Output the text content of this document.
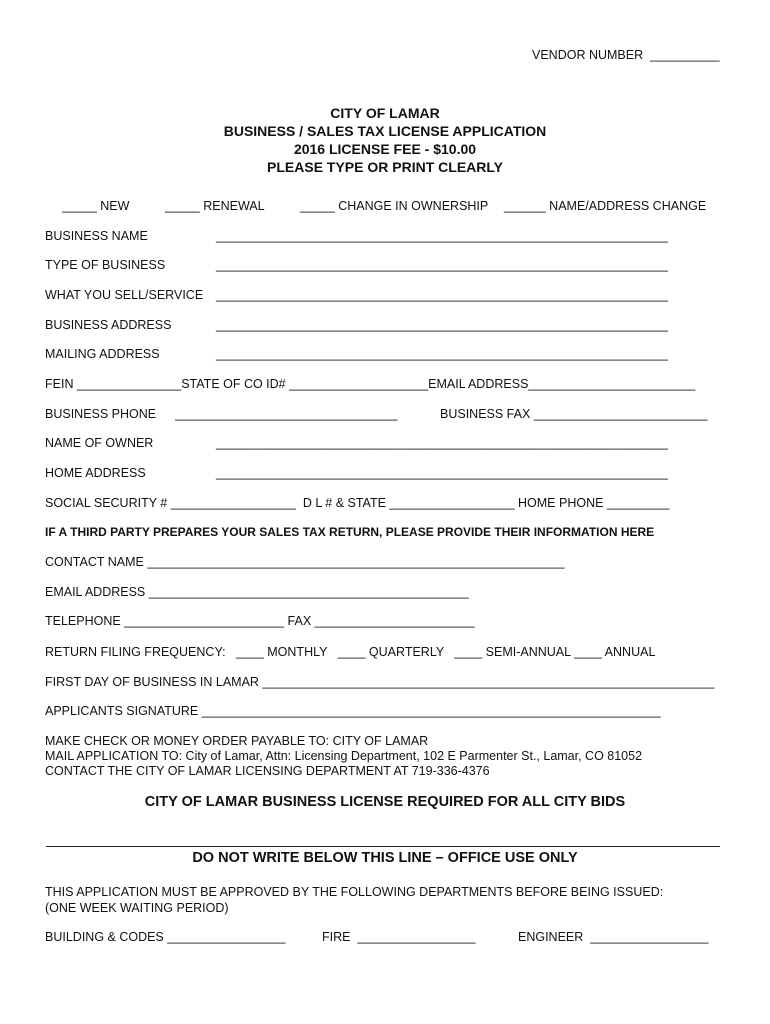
VENDOR NUMBER  __________
CITY OF LAMAR
BUSINESS / SALES TAX LICENSE APPLICATION
2016 LICENSE FEE - $10.00
PLEASE TYPE OR PRINT CLEARLY
_____ NEW	_____ RENEWAL	_____ CHANGE IN OWNERSHIP ______ NAME/ADDRESS CHANGE
BUSINESS NAME	_________________________________________________________________
TYPE OF BUSINESS	_________________________________________________________________
WHAT YOU SELL/SERVICE _________________________________________________________________
BUSINESS ADDRESS	_________________________________________________________________
MAILING ADDRESS	_________________________________________________________________
FEIN _______________STATE OF CO ID# ____________________EMAIL ADDRESS________________________
BUSINESS PHONE ________________________________	BUSINESS FAX _________________________
NAME OF OWNER	_________________________________________________________________
HOME ADDRESS	_________________________________________________________________
SOCIAL SECURITY # __________________  D L # & STATE __________________ HOME PHONE _________
IF A THIRD PARTY PREPARES YOUR SALES TAX RETURN, PLEASE PROVIDE THEIR INFORMATION HERE
CONTACT NAME ____________________________________________________________
EMAIL ADDRESS ______________________________________________
TELEPHONE _______________________ FAX _______________________
RETURN FILING FREQUENCY:   ____ MONTHLY   ____ QUARTERLY   ____ SEMI-ANNUAL ____ ANNUAL
FIRST DAY OF BUSINESS IN LAMAR _________________________________________________________________
APPLICANTS SIGNATURE __________________________________________________________________
MAKE CHECK OR MONEY ORDER PAYABLE TO: CITY OF LAMAR
MAIL APPLICATION TO: City of Lamar, Attn: Licensing Department, 102 E Parmenter St., Lamar, CO 81052
CONTACT THE CITY OF LAMAR LICENSING DEPARTMENT AT 719-336-4376
CITY OF LAMAR BUSINESS LICENSE REQUIRED FOR ALL CITY BIDS
DO NOT WRITE BELOW THIS LINE – OFFICE USE ONLY
THIS APPLICATION MUST BE APPROVED BY THE FOLLOWING DEPARTMENTS BEFORE BEING ISSUED:
(ONE WEEK WAITING PERIOD)
BUILDING & CODES _________________	FIRE  _________________	ENGINEER  _________________
